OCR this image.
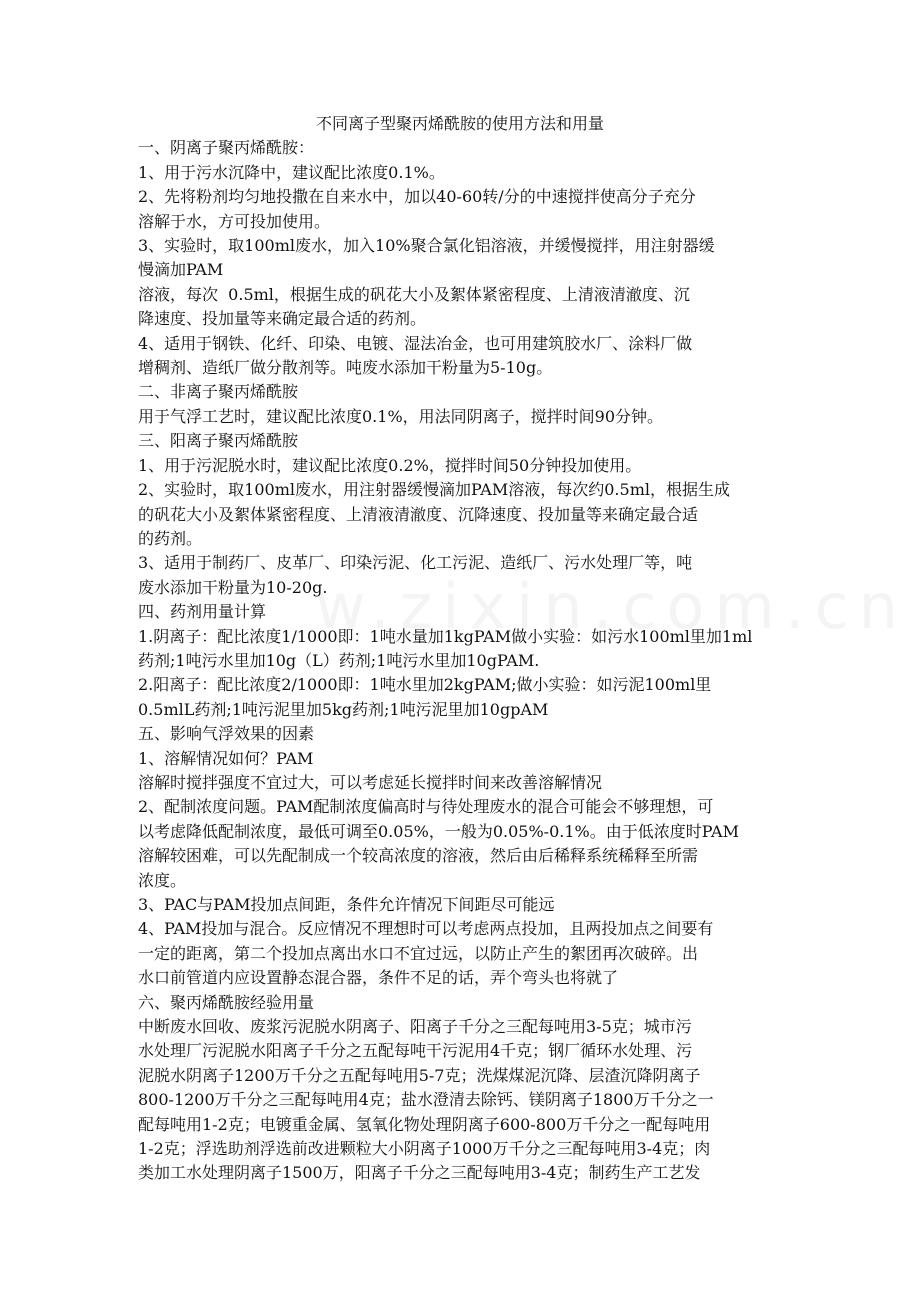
不同离子型聚丙烯酰胺的使用方法和用量

一、阴离子聚丙烯酰胺：

1、用于污水沉降中，建议配比浓度0.1%。

2、先将粉剂均匀地投撒在自来水中，加以40-60转/分的中速搅拌使高分子充分

溶解于水，方可投加使用。

3、实验时，取100ml废水，加入10%聚合氯化铝溶液，并缓慢搅拌，用注射器缓

慢滴加PAM

溶液，每次  0.5ml，根据生成的矾花大小及絮体紧密程度、上清液清澈度、沉

降速度、投加量等来确定最合适的药剂。

4、适用于钢铁、化纤、印染、电镀、湿法冶金，也可用建筑胶水厂、涂料厂做

增稠剂、造纸厂做分散剂等。吨废水添加干粉量为5-10g。

二、非离子聚丙烯酰胺

用于气浮工艺时，建议配比浓度0.1%，用法同阴离子，搅拌时间90分钟。

三、阳离子聚丙烯酰胺

1、用于污泥脱水时，建议配比浓度0.2%，搅拌时间50分钟投加使用。

2、实验时，取100ml废水，用注射器缓慢滴加PAM溶液，每次约0.5ml，根据生成

的矾花大小及絮体紧密程度、上清液清澈度、沉降速度、投加量等来确定最合适

的药剂。

3、适用于制药厂、皮革厂、印染污泥、化工污泥、造纸厂、污水处理厂等，吨

废水添加干粉量为10-20g.

四、药剂用量计算

1.阴离子：配比浓度1/1000即：1吨水量加1kgPAM做小实验：如污水100ml里加1ml

药剂;1吨污水里加10g（L）药剂;1吨污水里加10gPAM.

2.阳离子：配比浓度2/1000即：1吨水里加2kgPAM;做小实验：如污泥100ml里

0.5mlL药剂;1吨污泥里加5kg药剂;1吨污泥里加10gpAM

五、影响气浮效果的因素

1、溶解情况如何？PAM

溶解时搅拌强度不宜过大，可以考虑延长搅拌时间来改善溶解情况

2、配制浓度问题。PAM配制浓度偏高时与待处理废水的混合可能会不够理想，可

以考虑降低配制浓度，最低可调至0.05%，一般为0.05%-0.1%。由于低浓度时PAM

溶解较困难，可以先配制成一个较高浓度的溶液，然后由后稀释系统稀释至所需

浓度。

3、PAC与PAM投加点间距，条件允许情况下间距尽可能远

4、PAM投加与混合。反应情况不理想时可以考虑两点投加，且两投加点之间要有

一定的距离，第二个投加点离出水口不宜过远，以防止产生的絮团再次破碎。出

水口前管道内应设置静态混合器，条件不足的话，弄个弯头也将就了

六、聚丙烯酰胺经验用量

中断废水回收、废浆污泥脱水阴离子、阳离子千分之三配每吨用3-5克；城市污

水处理厂污泥脱水阳离子千分之五配每吨干污泥用4千克；钢厂循环水处理、污

泥脱水阴离子1200万千分之五配每吨用5-7克；洗煤煤泥沉降、层渣沉降阴离子

800-1200万千分之三配每吨用4克；盐水澄清去除钙、镁阴离子1800万千分之一

配每吨用1-2克；电镀重金属、氢氧化物处理阴离子600-800万千分之一配每吨用

1-2克；浮选助剂浮选前改进颗粒大小阴离子1000万千分之三配每吨用3-4克；肉

类加工水处理阴离子1500万，阳离子千分之三配每吨用3-4克；制药生产工艺发
